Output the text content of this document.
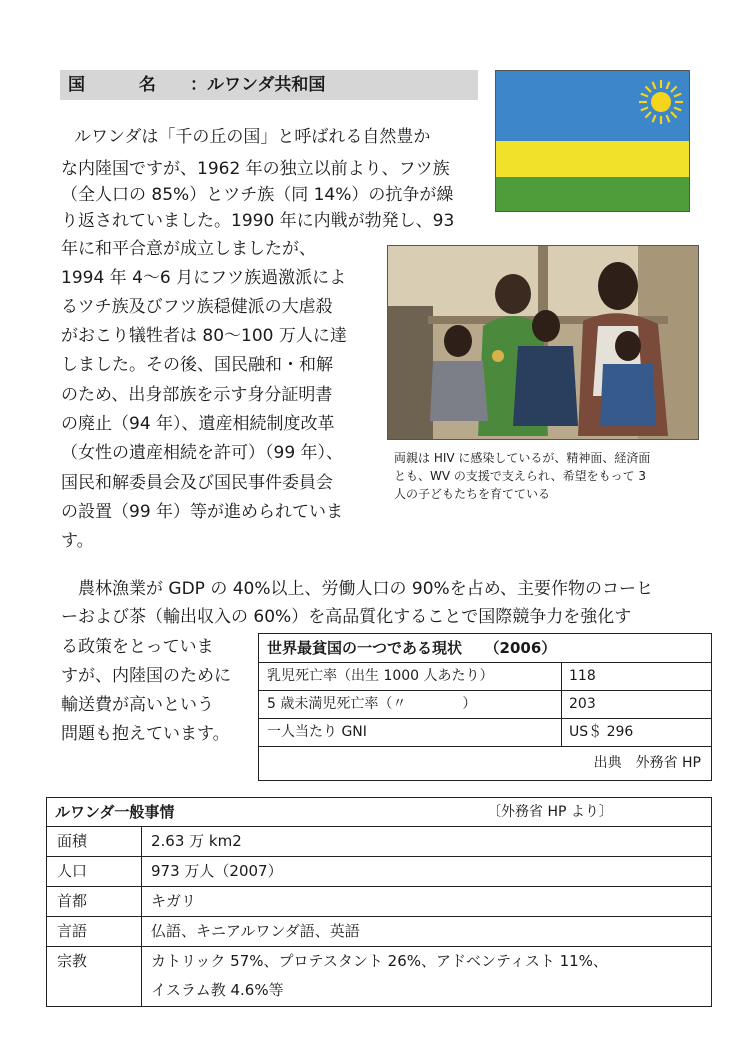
国 名 ：ルワンダ共和国
ルワンダは「千の丘の国」と呼ばれる自然豊か
な内陸国ですが、1962 年の独立以前より、フツ族
（全人口の 85%）とツチ族（同 14%）の抗争が繰
り返されていました。1990 年に内戦が勃発し、93
年に和平合意が成立しましたが、
1994 年 4～6 月にフツ族過激派によ
るツチ族及びフツ族穏健派の大虐殺
がおこり犠牲者は 80～100 万人に達
しました。その後、国民融和・和解
のため、出身部族を示す身分証明書
の廃止（94 年）、遺産相続制度改革
（女性の遺産相続を許可）（99 年）、
国民和解委員会及び国民事件委員会
の設置（99 年）等が進められていま
す。
両親は HIV に感染しているが、精神面、経済面
とも、WV の支援で支えられ、希望をもって 3
人の子どもたちを育てている
　農林漁業が GDP の 40%以上、労働人口の 90%を占め、主要作物のコーヒ
ーおよび茶（輸出収入の 60%）を高品質化することで国際競争力を強化す
る政策をとっていま
すが、内陸国のために
輸送費が高いという
問題も抱えています。
世界最貧国の一つである現状　　（2006）
乳児死亡率（出生 1000 人あたり）	118
5 歳未満児死亡率（〃　　　　）	203
一人当たり GNI	US＄ 296
出典　外務省 HP
ルワンダ一般事情	〔外務省 HP より〕
面積	2.63 万 km2
人口	973 万人（2007）
首都	キガリ
言語	仏語、キニアルワンダ語、英語
宗教	カトリック 57%、プロテスタント 26%、アドベンティスト 11%、
イスラム教 4.6%等
